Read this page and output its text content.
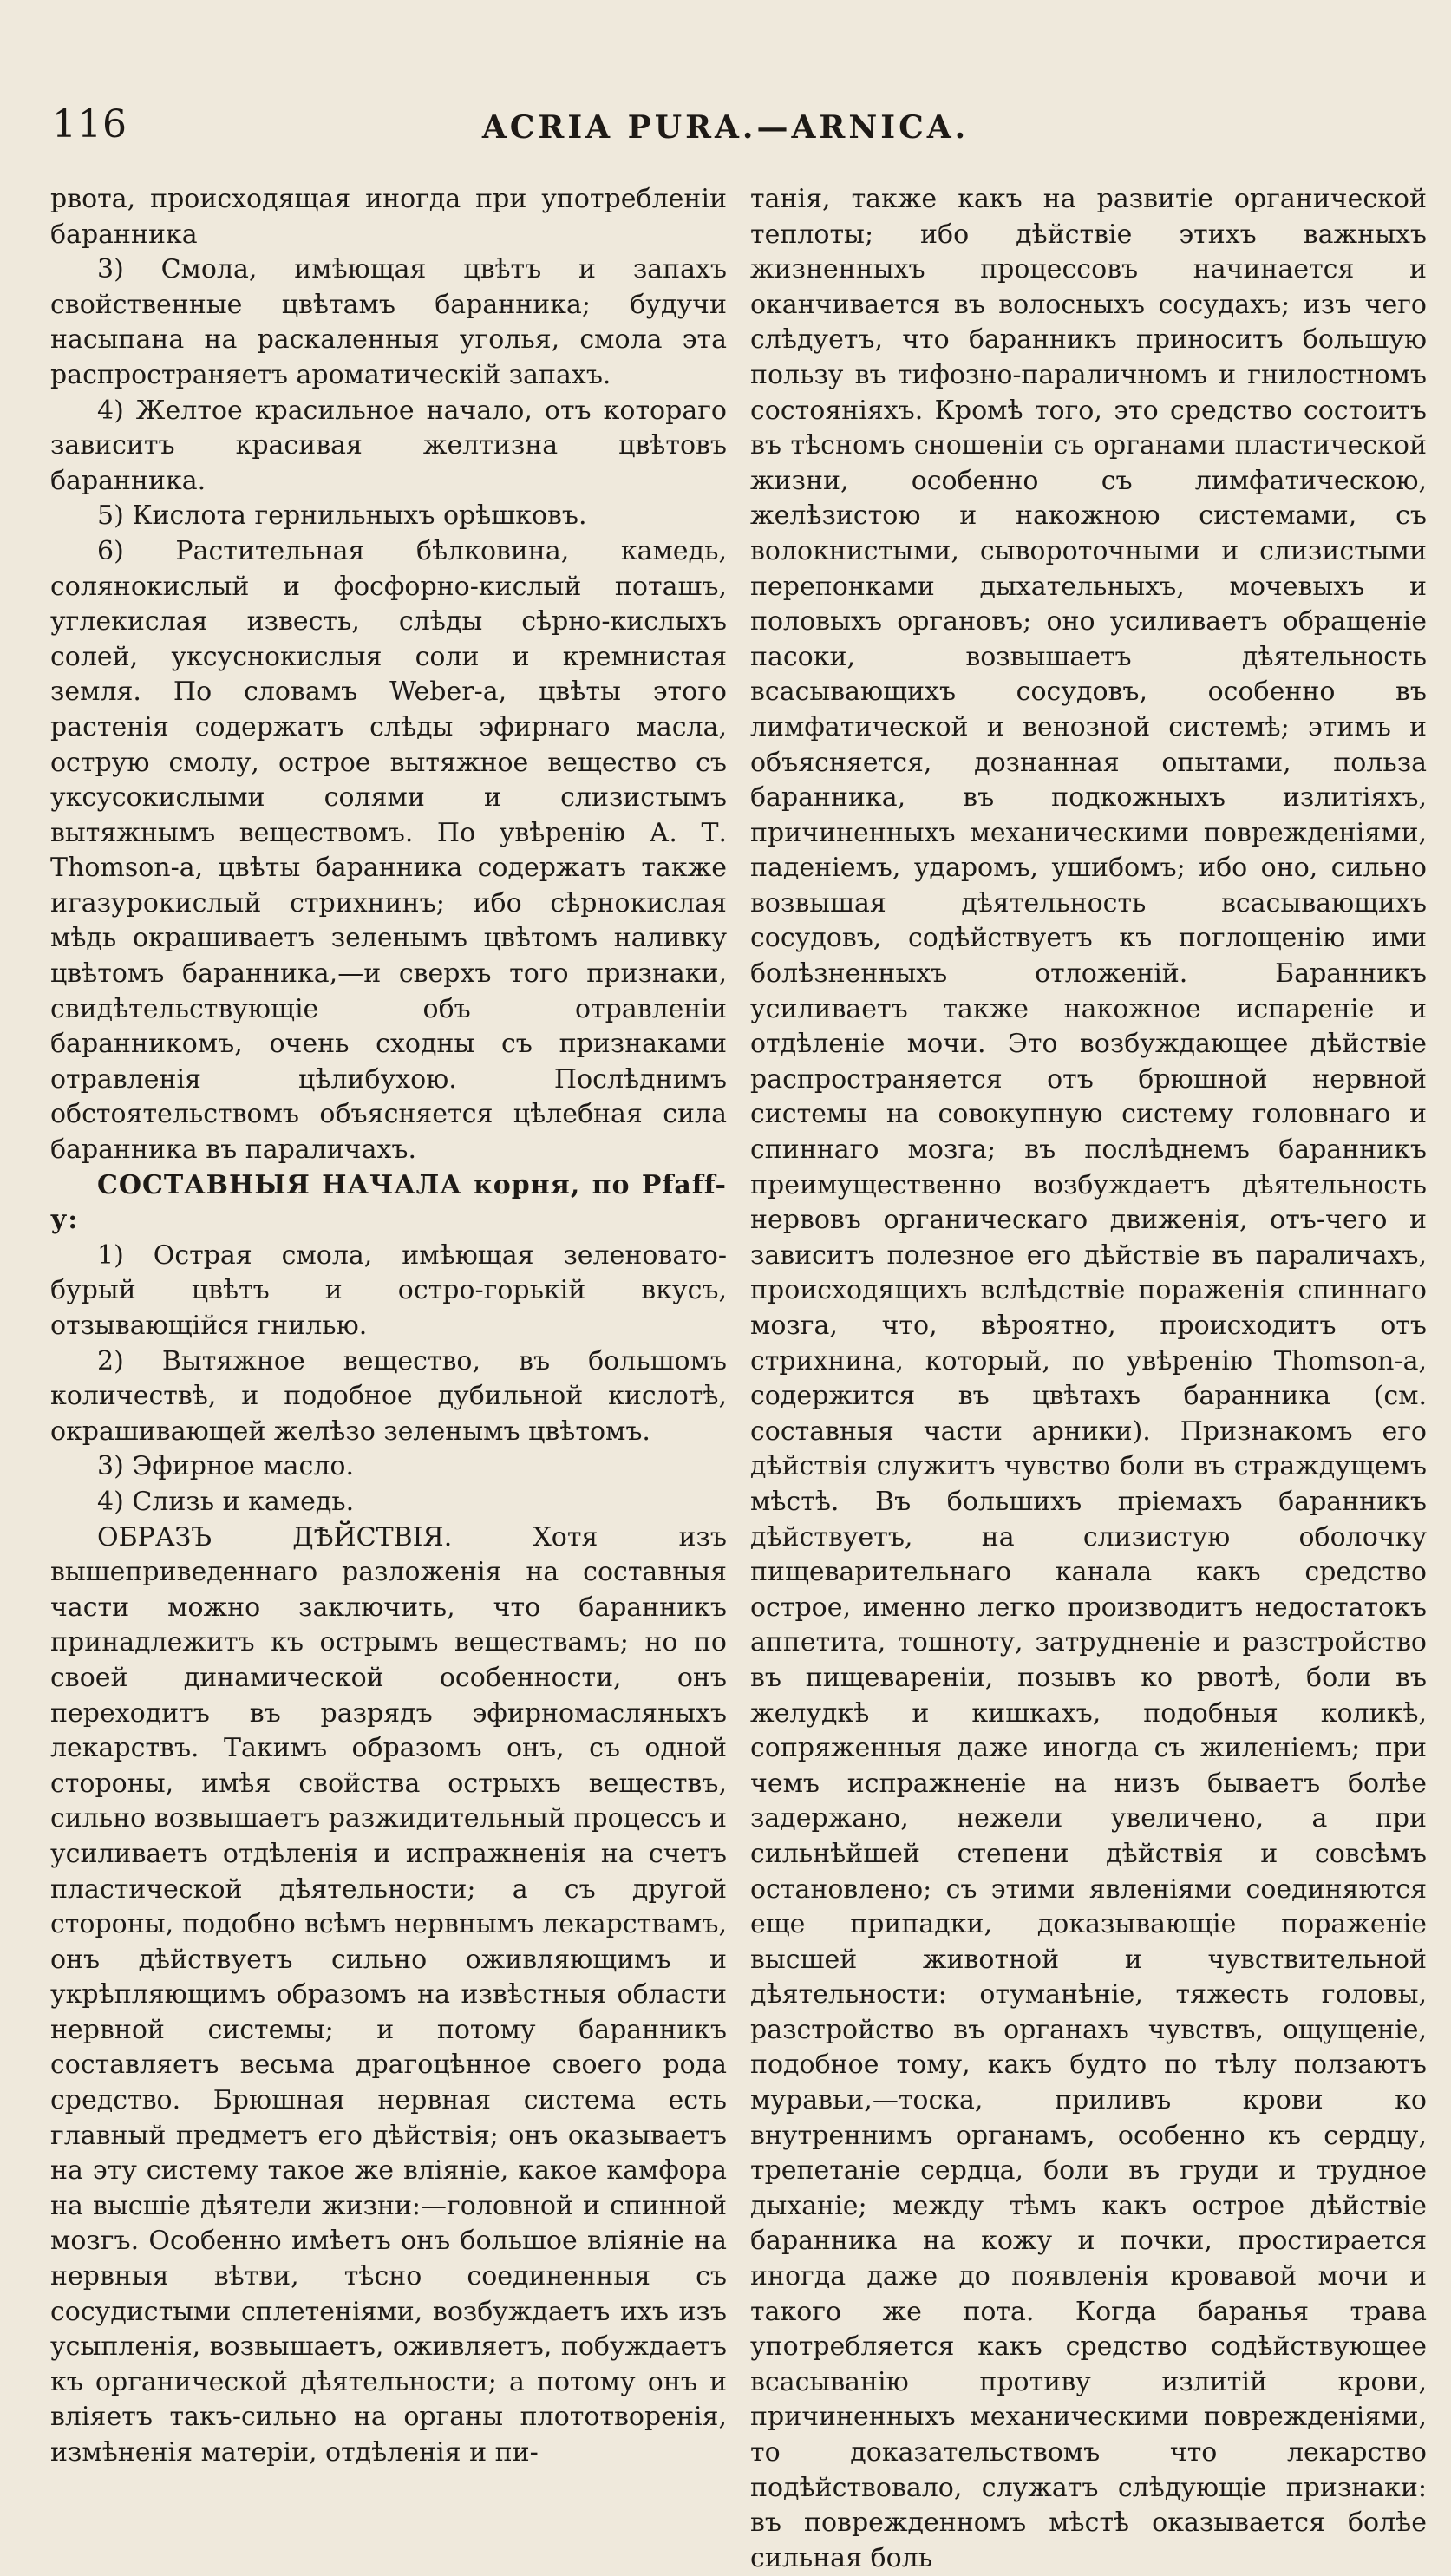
116	ACRIA PURA.—ARNICA.

рвота, происходящая иногда при употребленіи баранника

3) Смола, имѣющая цвѣтъ и запахъ свойственные цвѣтамъ баранника; будучи насыпана на раскаленныя уголья, смола эта распространяетъ ароматическій запахъ.

4) Желтое красильное начало, отъ котораго зависитъ красивая желтизна цвѣтовъ баранника.

5) Кислота гернильныхъ орѣшковъ.

6) Растительная бѣлковина, камедь, солянокислый и фосфорно-кислый поташъ, углекислая известь, слѣды сѣрно-кислыхъ солей, уксуснокислыя соли и кремнистая земля. По словамъ Weber-а, цвѣты этого растенія содержатъ слѣды эфирнаго масла, острую смолу, острое вытяжное вещество съ уксусокислыми солями и слизистымъ вытяжнымъ веществомъ. По увѣренію А. Т. Thomson-а, цвѣты баранника содержатъ также игазурокислый стрихнинъ; ибо сѣрнокислая мѣдь окрашиваетъ зеленымъ цвѣтомъ наливку цвѣтомъ баранника,—и сверхъ того признаки, свидѣтельствующіе объ отравленіи баранникомъ, очень сходны съ признаками отравленія цѣлибухою. Послѣднимъ обстоятельствомъ объясняется цѣлебная сила баранника въ параличахъ.

СОСТАВНЫЯ НАЧАЛА корня, по Pfaff-у:

1) Острая смола, имѣющая зеленовато-бурый цвѣтъ и остро-горькій вкусъ, отзывающійся гнилью.

2) Вытяжное вещество, въ большомъ количествѣ, и подобное дубильной кислотѣ, окрашивающей желѣзо зеленымъ цвѣтомъ.

3) Эфирное масло.

4) Слизь и камедь.

ОБРАЗЪ ДѢЙСТВІЯ. Хотя изъ вышеприведеннаго разложенія на составныя части можно заключить, что баранникъ принадлежитъ къ острымъ веществамъ; но по своей динамической особенности, онъ переходитъ въ разрядъ эфирномасляныхъ лекарствъ. Такимъ образомъ онъ, съ одной стороны, имѣя свойства острыхъ веществъ, сильно возвышаетъ разжидительный процессъ и усиливаетъ отдѣленія и испражненія на счетъ пластической дѣятельности; а съ другой стороны, подобно всѣмъ нервнымъ лекарствамъ, онъ дѣйствуетъ сильно оживляющимъ и укрѣпляющимъ образомъ на извѣстныя области нервной системы; и потому баранникъ составляетъ весьма драгоцѣнное своего рода средство. Брюшная нервная система есть главный предметъ его дѣйствія; онъ оказываетъ на эту систему такое же вліяніе, какое камфора на высшіе дѣятели жизни:—головной и спинной мозгъ. Особенно имѣетъ онъ большое вліяніе на нервныя вѣтви, тѣсно соединенныя съ сосудистыми сплетеніями, возбуждаетъ ихъ изъ усыпленія, возвышаетъ, оживляетъ, побуждаетъ къ органической дѣятельности; а потому онъ и вліяетъ такъ-сильно на органы плототворенія, измѣненія матеріи, отдѣленія и пи-

танія, также какъ на развитіе органической теплоты; ибо дѣйствіе этихъ важныхъ жизненныхъ процессовъ начинается и оканчивается въ волосныхъ сосудахъ; изъ чего слѣдуетъ, что баранникъ приноситъ большую пользу въ тифозно-параличномъ и гнилостномъ состояніяхъ. Кромѣ того, это средство состоитъ въ тѣсномъ сношеніи съ органами пластической жизни, особенно съ лимфатическою, желѣзистою и накожною системами, съ волокнистыми, сывороточными и слизистыми перепонками дыхательныхъ, мочевыхъ и половыхъ органовъ; оно усиливаетъ обращеніе пасоки, возвышаетъ дѣятельность всасывающихъ сосудовъ, особенно въ лимфатической и венозной системѣ; этимъ и объясняется, дознанная опытами, польза баранника, въ подкожныхъ излитіяхъ, причиненныхъ механическими поврежденіями, паденіемъ, ударомъ, ушибомъ; ибо оно, сильно возвышая дѣятельность всасывающихъ сосудовъ, содѣйствуетъ къ поглощенію ими болѣзненныхъ отложеній. Баранникъ усиливаетъ также накожное испареніе и отдѣленіе мочи. Это возбуждающее дѣйствіе распространяется отъ брюшной нервной системы на совокупную систему головнаго и спиннаго мозга; въ послѣднемъ баранникъ преимущественно возбуждаетъ дѣятельность нервовъ органическаго движенія, отъ-чего и зависитъ полезное его дѣйствіе въ параличахъ, происходящихъ вслѣдствіе пораженія спиннаго мозга, что, вѣроятно, происходитъ отъ стрихнина, который, по увѣренію Thomson-а, содержится въ цвѣтахъ баранника (см. составныя части арники). Признакомъ его дѣйствія служитъ чувство боли въ страждущемъ мѣстѣ. Въ большихъ пріемахъ баранникъ дѣйствуетъ, на слизистую оболочку пищеварительнаго канала какъ средство острое, именно легко производитъ недостатокъ аппетита, тошноту, затрудненіе и разстройство въ пищевареніи, позывъ ко рвотѣ, боли въ желудкѣ и кишкахъ, подобныя коликѣ, сопряженныя даже иногда съ жиленіемъ; при чемъ испражненіе на низъ бываетъ болѣе задержано, нежели увеличено, а при сильнѣйшей степени дѣйствія и совсѣмъ остановлено; съ этими явленіями соединяются еще припадки, доказывающіе пораженіе высшей животной и чувствительной дѣятельности: отуманѣніе, тяжесть головы, разстройство въ органахъ чувствъ, ощущеніе, подобное тому, какъ будто по тѣлу ползаютъ муравьи,—тоска, приливъ крови ко внутреннимъ органамъ, особенно къ сердцу, трепетаніе сердца, боли въ груди и трудное дыханіе; между тѣмъ какъ острое дѣйствіе баранника на кожу и почки, простирается иногда даже до появленія кровавой мочи и такого же пота. Когда баранья трава употребляется какъ средство содѣйствующее всасыванію противу излитій крови, причиненныхъ механическими поврежденіями, то доказательствомъ что лекарство подѣйствовало, служатъ слѣдующіе признаки: въ поврежденномъ мѣстѣ оказывается болѣе сильная боль
